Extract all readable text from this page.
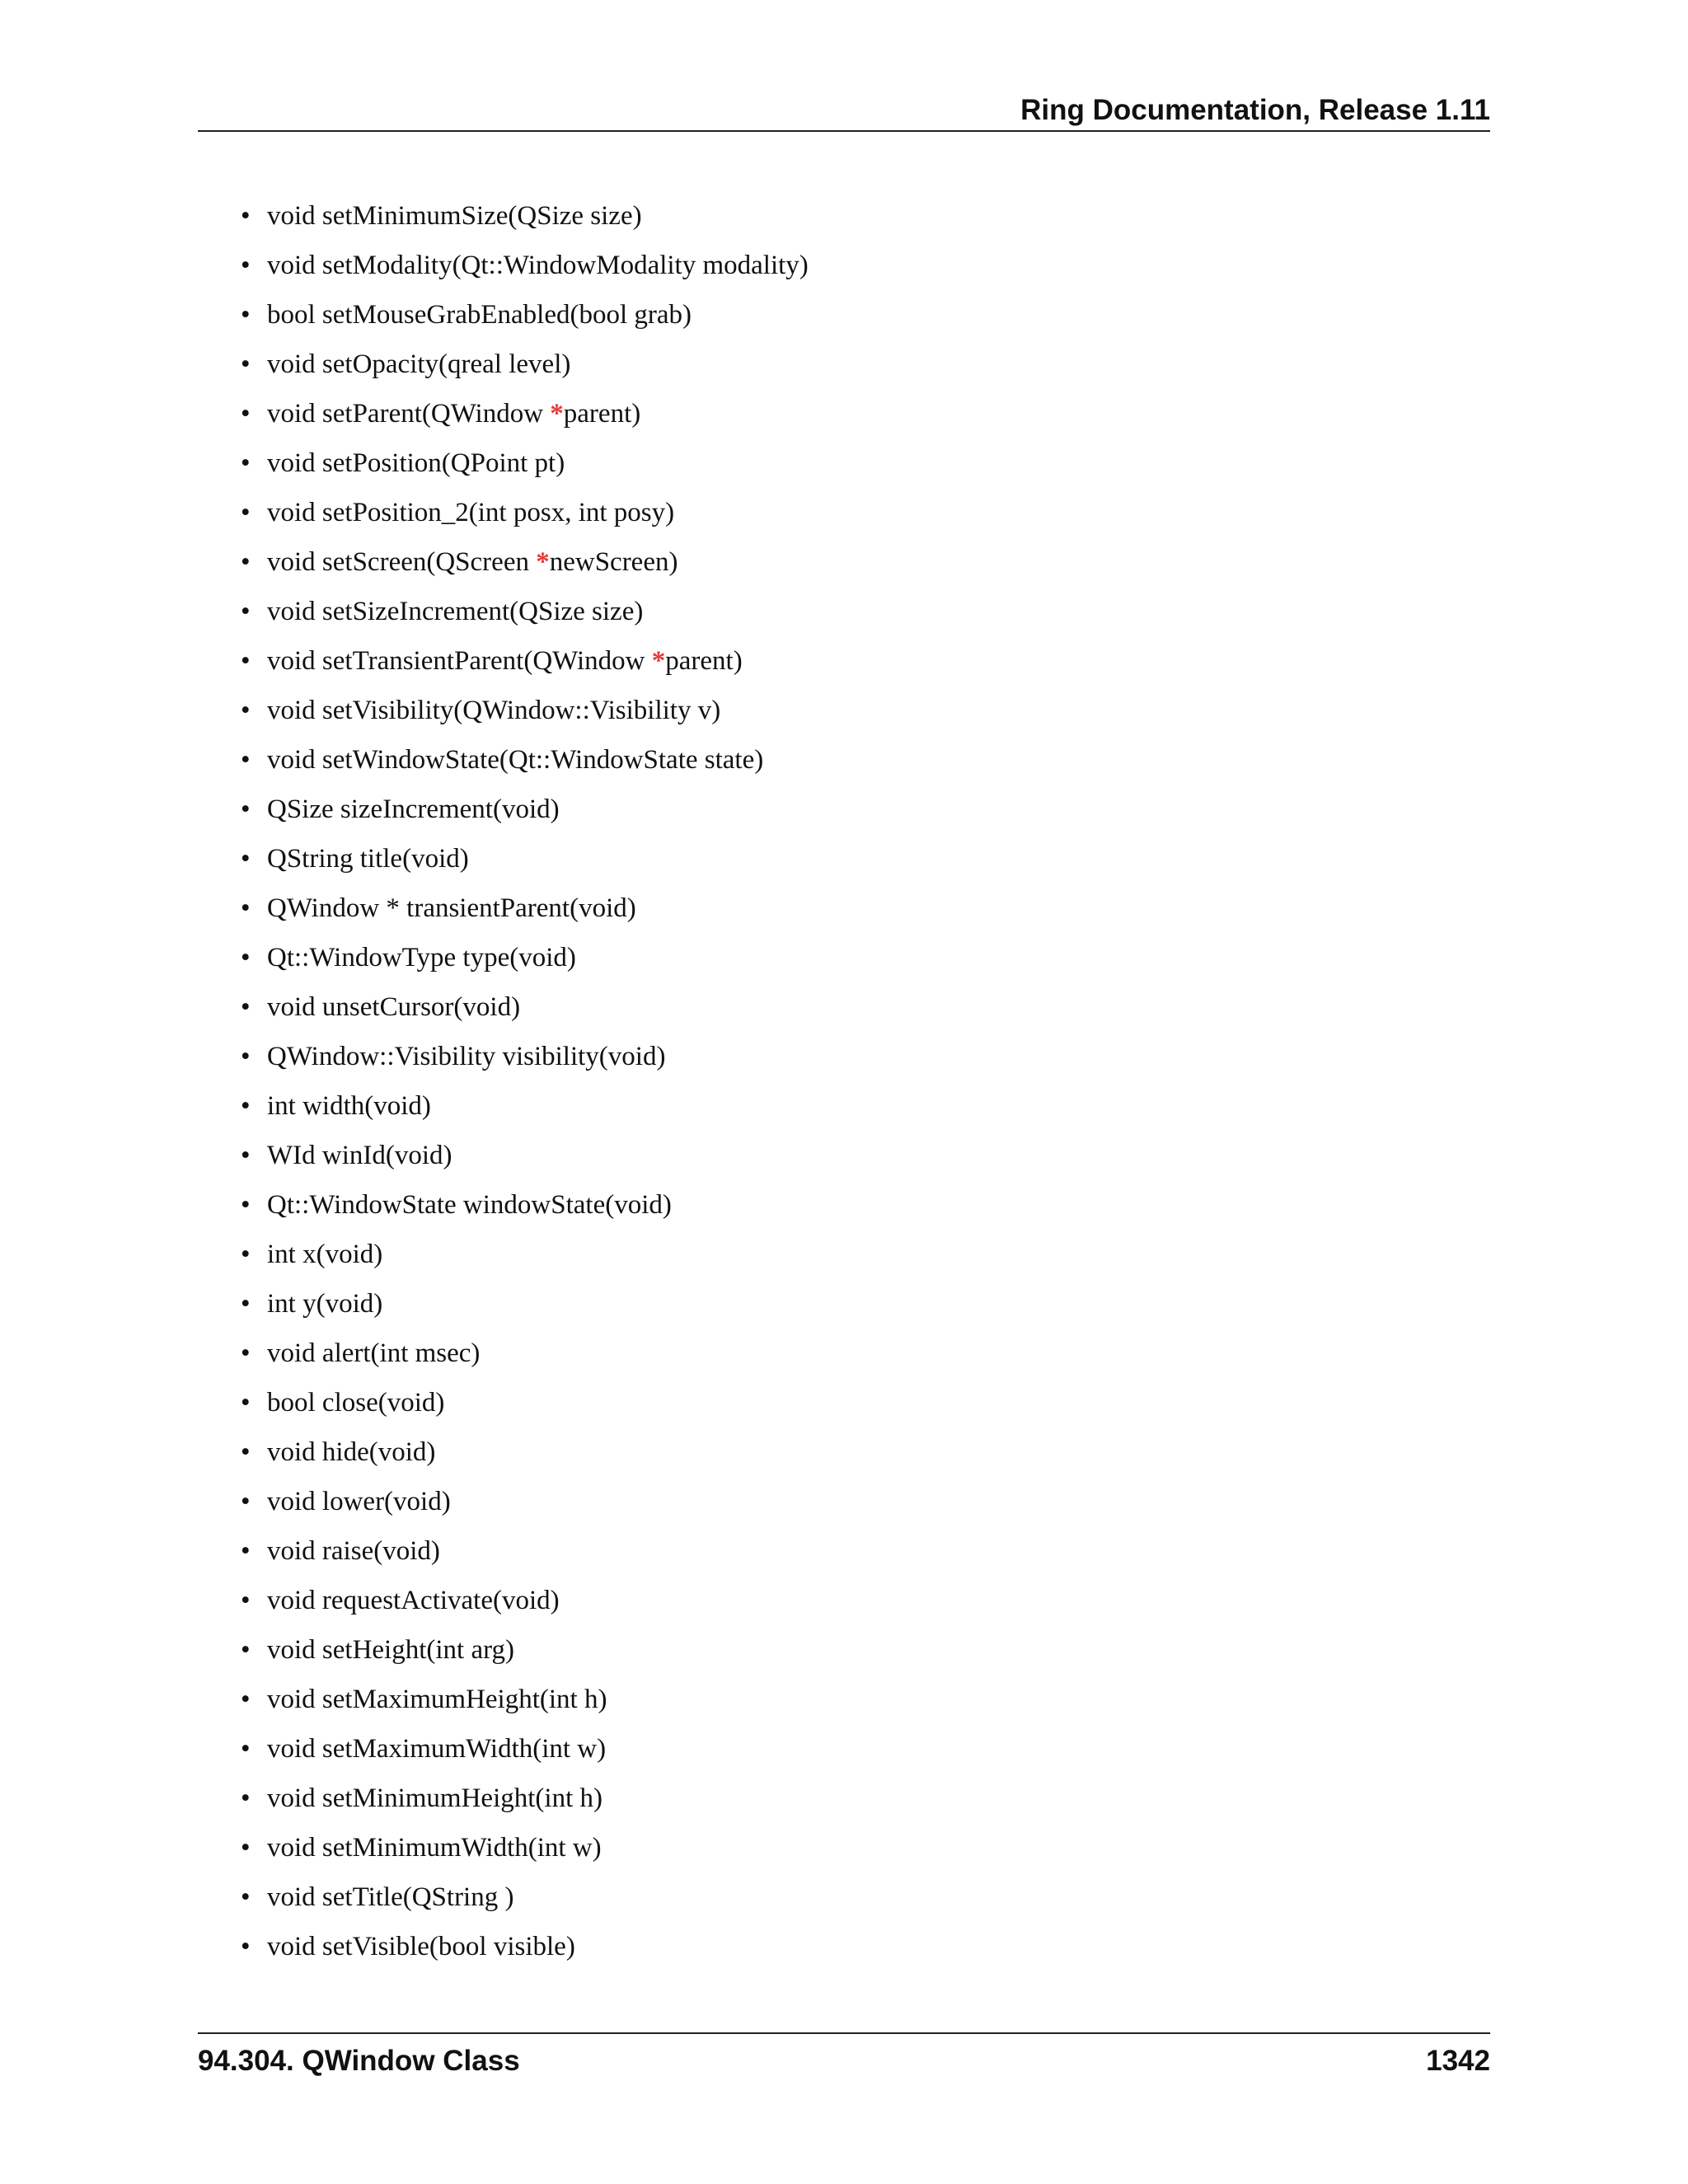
Ring Documentation, Release 1.11

• void setMinimumSize(QSize size)
• void setModality(Qt::WindowModality modality)
• bool setMouseGrabEnabled(bool grab)
• void setOpacity(qreal level)
• void setParent(QWindow *parent)
• void setPosition(QPoint pt)
• void setPosition_2(int posx, int posy)
• void setScreen(QScreen *newScreen)
• void setSizeIncrement(QSize size)
• void setTransientParent(QWindow *parent)
• void setVisibility(QWindow::Visibility v)
• void setWindowState(Qt::WindowState state)
• QSize sizeIncrement(void)
• QString title(void)
• QWindow * transientParent(void)
• Qt::WindowType type(void)
• void unsetCursor(void)
• QWindow::Visibility visibility(void)
• int width(void)
• WId winId(void)
• Qt::WindowState windowState(void)
• int x(void)
• int y(void)
• void alert(int msec)
• bool close(void)
• void hide(void)
• void lower(void)
• void raise(void)
• void requestActivate(void)
• void setHeight(int arg)
• void setMaximumHeight(int h)
• void setMaximumWidth(int w)
• void setMinimumHeight(int h)
• void setMinimumWidth(int w)
• void setTitle(QString )
• void setVisible(bool visible)
94.304. QWindow Class	1342
